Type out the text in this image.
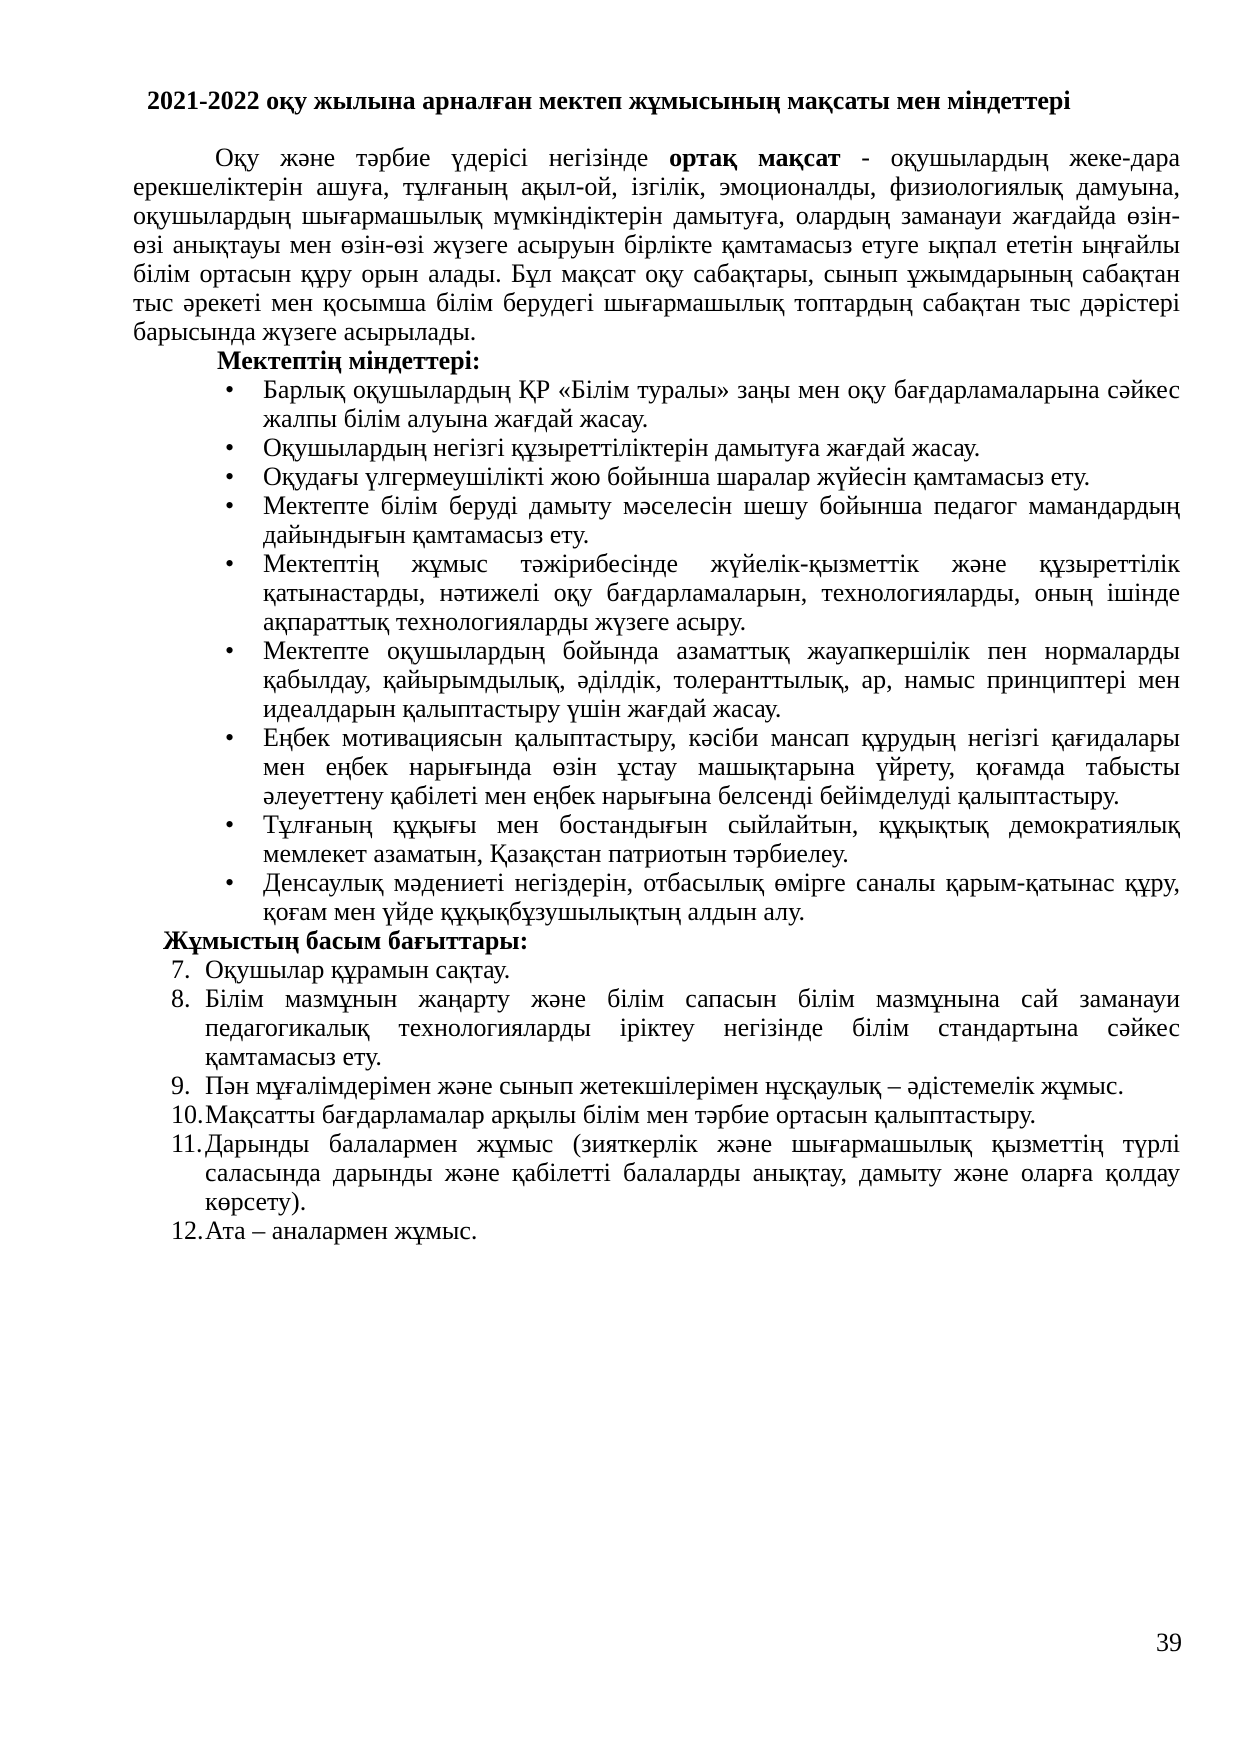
2021-2022 оқу жылына арналған мектеп жұмысының мақсаты мен міндеттері

Оқу және тәрбие үдерісі негізінде ортақ мақсат - оқушылардың жеке-дара ерекшеліктерін ашуға, тұлғаның ақыл-ой, ізгілік, эмоционалды, физиологиялық дамуына, оқушылардың шығармашылық мүмкіндіктерін дамытуға, олардың заманауи жағдайда өзін-өзі анықтауы мен өзін-өзі жүзеге асыруын бірлікте қамтамасыз етуге ықпал ететін ыңғайлы білім ортасын құру орын алады. Бұл мақсат оқу сабақтары, сынып ұжымдарының сабақтан тыс әрекеті мен қосымша білім берудегі шығармашылық топтардың сабақтан тыс дәрістері барысында жүзеге асырылады.

Мектептің міндеттері:

• Барлық оқушылардың ҚР «Білім туралы» заңы мен оқу бағдарламаларына сәйкес жалпы білім алуына жағдай жасау.
• Оқушылардың негізгі құзыреттіліктерін дамытуға жағдай жасау.
• Оқудағы үлгермеушілікті жою бойынша шаралар жүйесін қамтамасыз ету.
• Мектепте білім беруді дамыту мәселесін шешу бойынша педагог мамандардың дайындығын қамтамасыз ету.
• Мектептің жұмыс тәжірибесінде жүйелік-қызметтік және құзыреттілік қатынастарды, нәтижелі оқу бағдарламаларын, технологияларды, оның ішінде ақпараттық технологияларды жүзеге асыру.
• Мектепте оқушылардың бойында азаматтық жауапкершілік пен нормаларды қабылдау, қайырымдылық, әділдік, толеранттылық, ар, намыс принциптері мен идеалдарын қалыптастыру үшін жағдай жасау.
• Еңбек мотивациясын қалыптастыру, кәсіби мансап құрудың негізгі қағидалары мен еңбек нарығында өзін ұстау машықтарына үйрету, қоғамда табысты әлеуеттену қабілеті мен еңбек нарығына белсенді бейімделуді қалыптастыру.
• Тұлғаның құқығы мен бостандығын сыйлайтын, құқықтық демократиялық мемлекет азаматын, Қазақстан патриотын тәрбиелеу.
• Денсаулық мәдениеті негіздерін, отбасылық өмірге саналы қарым-қатынас құру, қоғам мен үйде құқықбұзушылықтың алдын алу.

Жұмыстың басым бағыттары:

7. Оқушылар құрамын сақтау.
8. Білім мазмұнын жаңарту және білім сапасын білім мазмұнына сай заманауи педагогикалық технологияларды іріктеу негізінде білім стандартына сәйкес қамтамасыз ету.
9. Пән мұғалімдерімен және сынып жетекшілерімен нұсқаулық – әдістемелік жұмыс.
10. Мақсатты бағдарламалар арқылы білім мен тәрбие ортасын қалыптастыру.
11. Дарынды балалармен жұмыс (зияткерлік және шығармашылық қызметтің түрлі саласында дарынды және қабілетті балаларды анықтау, дамыту және оларға қолдау көрсету).
12. Ата – аналармен жұмыс.
39
